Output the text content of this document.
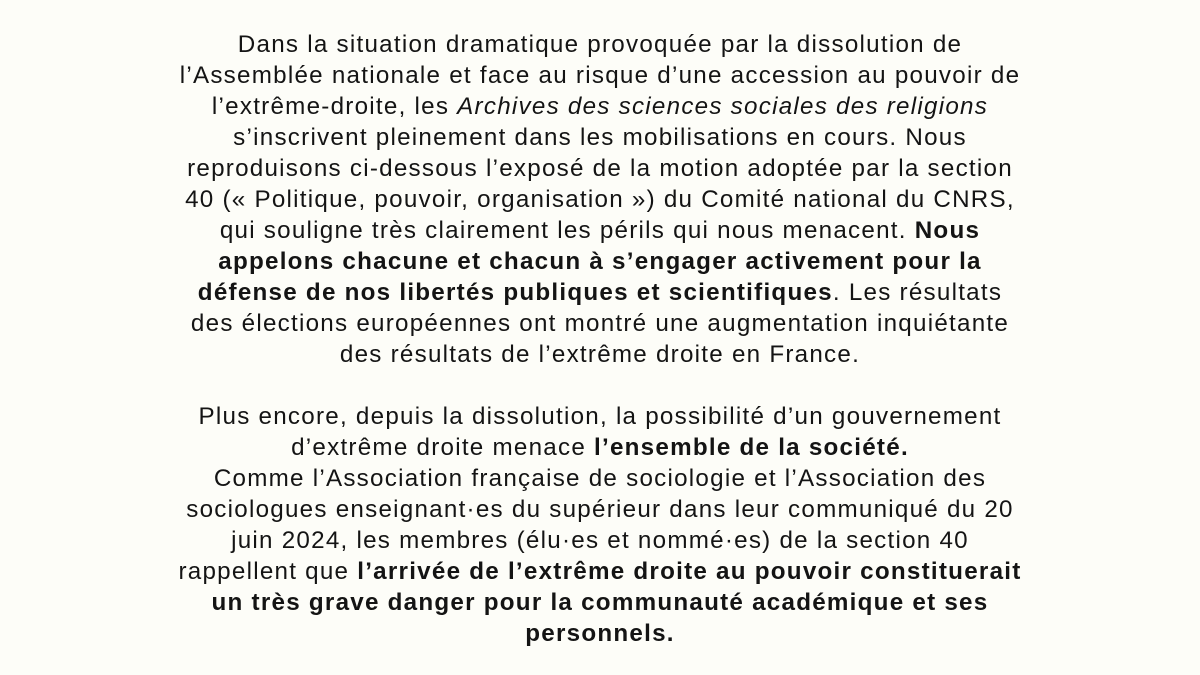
Dans la situation dramatique provoquée par la dissolution de
l’Assemblée nationale et face au risque d’une accession au pouvoir de
l’extrême-droite, les Archives des sciences sociales des religions
s’inscrivent pleinement dans les mobilisations en cours. Nous
reproduisons ci-dessous l’exposé de la motion adoptée par la section
40 (« Politique, pouvoir, organisation ») du Comité national du CNRS,
qui souligne très clairement les périls qui nous menacent. Nous
appelons chacune et chacun à s’engager activement pour la
défense de nos libertés publiques et scientifiques. Les résultats
des élections européennes ont montré une augmentation inquiétante
des résultats de l’extrême droite en France.

Plus encore, depuis la dissolution, la possibilité d’un gouvernement
d’extrême droite menace l’ensemble de la société.
Comme l’Association française de sociologie et l’Association des
sociologues enseignant·es du supérieur dans leur communiqué du 20
juin 2024, les membres (élu·es et nommé·es) de la section 40
rappellent que l’arrivée de l’extrême droite au pouvoir constituerait
un très grave danger pour la communauté académique et ses
personnels.
